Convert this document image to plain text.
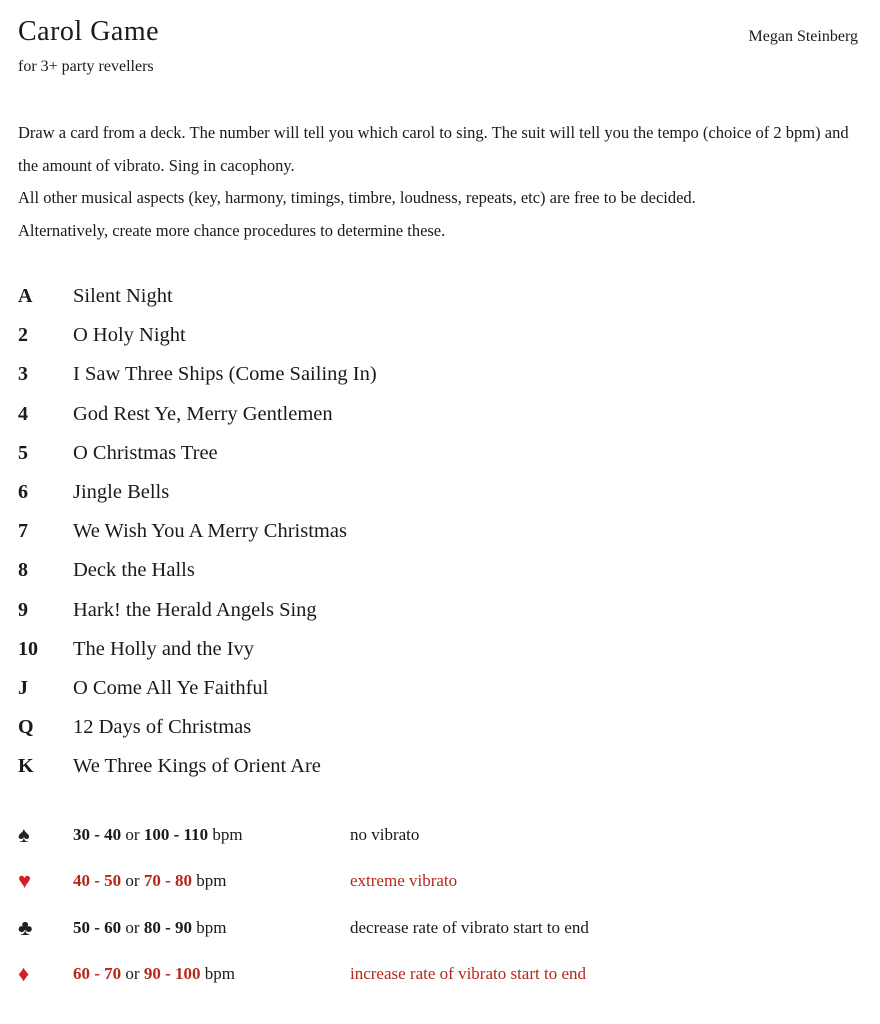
Carol Game	Megan Steinberg
for 3+ party revellers

Draw a card from a deck. The number will tell you which carol to sing. The suit will tell you the tempo (choice of 2 bpm) and the amount of vibrato. Sing in cacophony.

All other musical aspects (key, harmony, timings, timbre, loudness, repeats, etc) are free to be decided.

Alternatively, create more chance procedures to determine these.

A	Silent Night
2	O Holy Night
3	I Saw Three Ships (Come Sailing In)
4	God Rest Ye, Merry Gentlemen
5	O Christmas Tree
6	Jingle Bells
7	We Wish You A Merry Christmas
8	Deck the Halls
9	Hark! the Herald Angels Sing
10	The Holly and the Ivy
J	O Come All Ye Faithful
Q	12 Days of Christmas
K	We Three Kings of Orient Are
♠	30 - 40 or 100 - 110 bpm	no vibrato
♥	40 - 50 or 70 - 80 bpm	extreme vibrato
♣	50 - 60 or 80 - 90 bpm	decrease rate of vibrato start to end
♦	60 - 70 or 90 - 100 bpm	increase rate of vibrato start to end
